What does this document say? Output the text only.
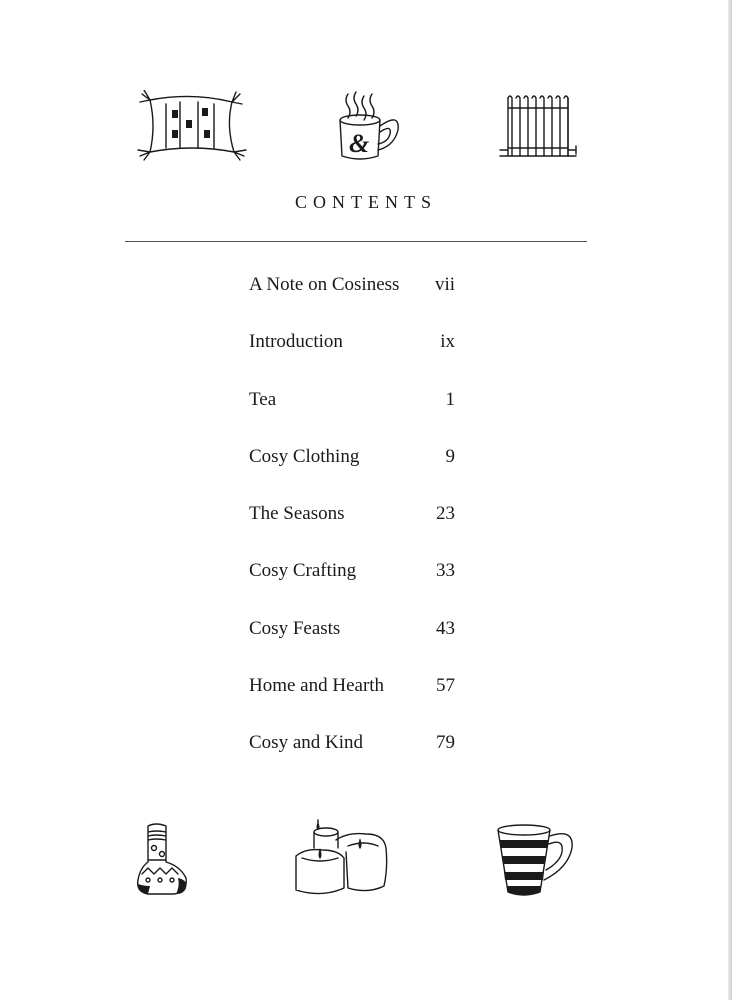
&
CONTENTS
A Note on Cosiness vii
Introduction	ix
Tea	1
Cosy Clothing	9
The Seasons	23
Cosy Crafting	33
Cosy Feasts	43
Home and Hearth	57
Cosy and Kind	79
